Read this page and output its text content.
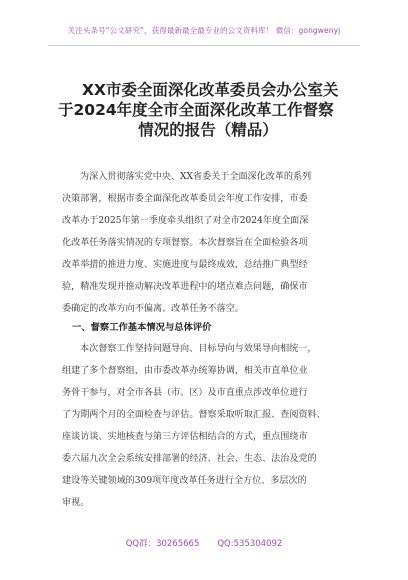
关注头条号“公文研究”，获得最新最全最专业的公文资料库！ 微信：gongwenyj
XX市委全面深化改革委员会办公室关
于2024年度全市全面深化改革工作督察
情况的报告（精品）
为深入贯彻落实党中央、XX省委关于全面深化改革的系列
决策部署，根据市委全面深化改革委员会年度工作安排，市委
改革办于2025年第一季度牵头组织了对全市2024年度全面深
化改革任务落实情况的专项督察。本次督察旨在全面检验各项
改革举措的推进力度、实施进度与最终成效，总结推广典型经
验，精准发现并推动解决改革进程中的堵点难点问题，确保市
委确定的改革方向不偏离、改革任务不落空。
一、督察工作基本情况与总体评价
本次督察工作坚持问题导向、目标导向与效果导向相统一，
组建了多个督察组，由市委改革办统筹协调，相关市直单位业
务骨干参与，对全市各县（市、区）及市直重点涉改单位进行
了为期两个月的全面检查与评估。督察采取听取汇报、查阅资料、
座谈访谈、实地核查与第三方评估相结合的方式，重点围绕市
委六届九次全会系统安排部署的经济、社会、生态、法治及党的
建设等关键领域的309项年度改革任务进行全方位、多层次的
审视。
QQ群：30265665 QQ:535304092
